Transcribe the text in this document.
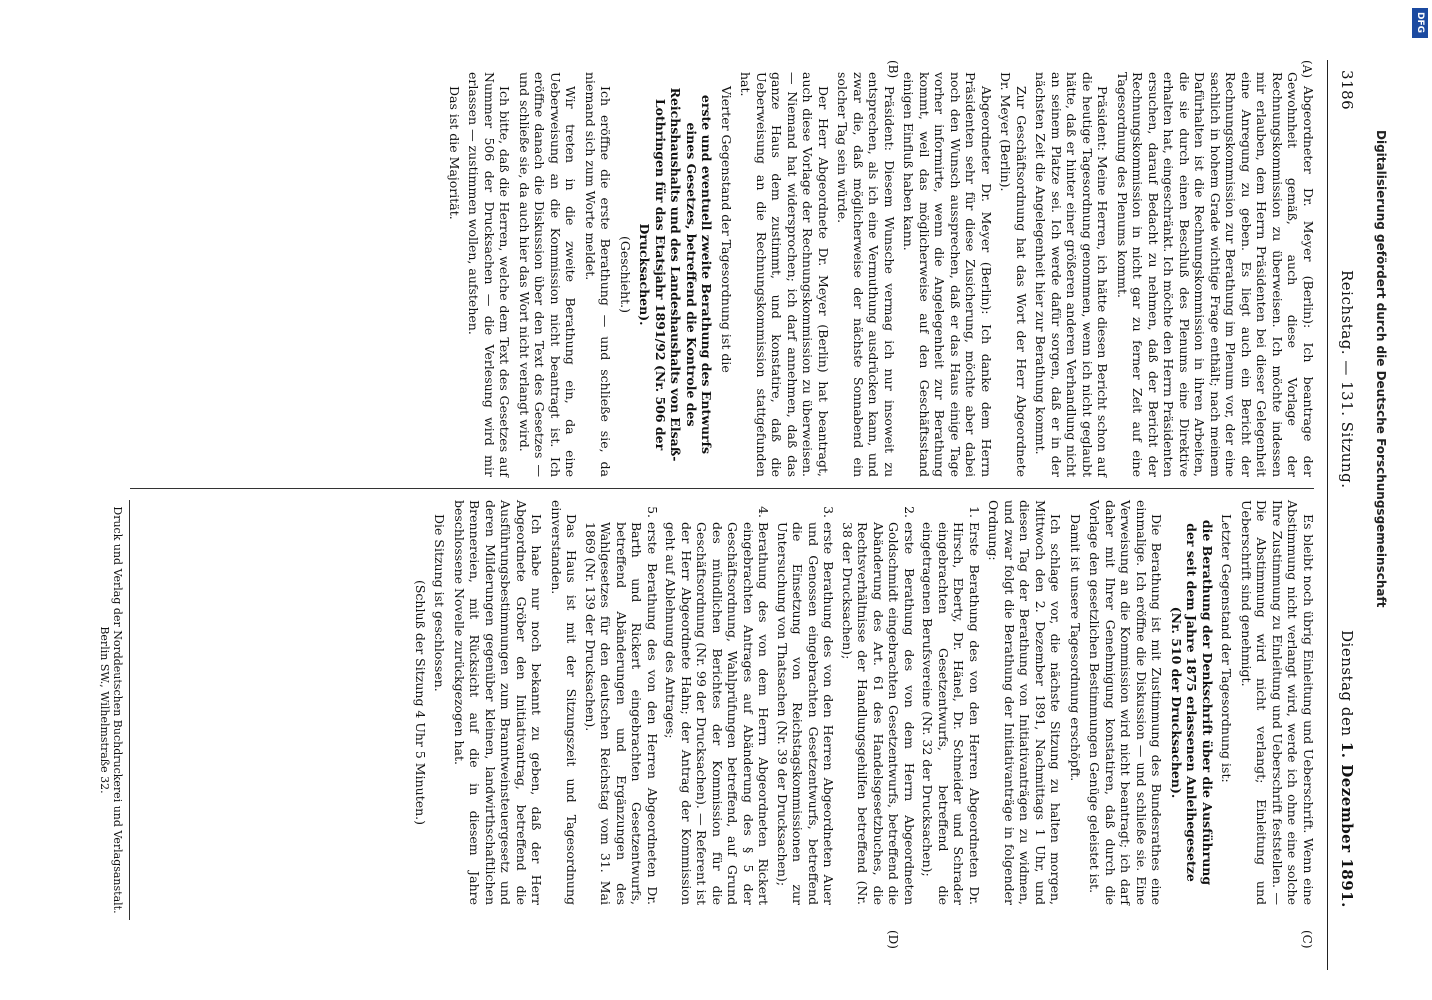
3186
Reichstag. — 131. Sitzung.
Dienstag den 1. Dezember 1891.
(A)
(B)
(C)
(D)

Abgeordneter Dr. Meyer (Berlin): Ich beantrage der Gewohnheit gemäß, auch diese Vorlage der Rechnungskommission zu überweisen. Ich möchte indessen mir erlauben, dem Herrn Präsidenten bei dieser Gelegenheit eine Anregung zu geben. Es liegt auch ein Bericht der Rechnungskommission zur Berathung im Plenum vor, der eine sachlich in hohem Grade wichtige Frage enthält; nach meinem Dafürhalten ist die Rechnungskommission in ihren Arbeiten, die sie durch einen Beschluß des Plenums eine Direktive erhalten hat, eingeschränkt. Ich möchte den Herrn Präsidenten ersuchen, darauf Bedacht zu nehmen, daß der Bericht der Rechnungskommission in nicht gar zu ferner Zeit auf eine Tagesordnung des Plenums kommt.

Präsident: Meine Herren, ich hätte diesen Bericht schon auf die heutige Tagesordnung genommen, wenn ich nicht geglaubt hätte, daß er hinter einer größeren anderen Verhandlung nicht an seinem Platze sei. Ich werde dafür sorgen, daß er in der nächsten Zeit die Angelegenheit hier zur Berathung kommt.

Zur Geschäftsordnung hat das Wort der Herr Abgeordnete Dr. Meyer (Berlin).

Abgeordneter Dr. Meyer (Berlin): Ich danke dem Herrn Präsidenten sehr für diese Zusicherung, möchte aber dabei noch den Wunsch aussprechen, daß er das Haus einige Tage vorher informirte, wenn die Angelegenheit zur Berathung kommt, weil das möglicherweise auf den Geschäftsstand einigen Einfluß haben kann.

Präsident: Diesem Wunsche vermag ich nur insoweit zu entsprechen, als ich eine Vermuthung ausdrücken kann, und zwar die, daß möglicherweise der nächste Sonnabend ein solcher Tag sein würde.

Der Herr Abgeordnete Dr. Meyer (Berlin) hat beantragt, auch diese Vorlage der Rechnungskommission zu überweisen. — Niemand hat widersprochen; ich darf annehmen, daß das ganze Haus dem zustimmt, und konstatire, daß die Ueberweisung an die Rechnungskommission stattgefunden hat.

Vierter Gegenstand der Tagesordnung ist die

erste und eventuell zweite Berathung des Entwurfs eines Gesetzes, betreffend die Kontrole des Reichshaushalts und des Landeshaushalts von Elsaß-Lothringen für das Etatsjahr 1891/92 (Nr. 506 der Drucksachen).

(Geschieht.)

Ich eröffne die erste Berathung — und schließe sie, da niemand sich zum Worte meldet.

Wir treten in die zweite Berathung ein, da eine Ueberweisung an die Kommission nicht beantragt ist. Ich eröffne danach die Diskussion über den Text des Gesetzes — und schließe sie, da auch hier das Wort nicht verlangt wird.

Ich bitte, daß die Herren, welche dem Text des Gesetzes auf Nummer 506 der Drucksachen — die Verlesung wird mir erlassen — zustimmen wollen, aufstehen.

Das ist die Majorität.

Es bleibt noch übrig Einleitung und Ueberschrift. Wenn eine Abstimmung nicht verlangt wird, werde ich ohne eine solche Ihre Zustimmung zu Einleitung und Ueberschrift feststellen. — Die Abstimmung wird nicht verlangt; Einleitung und Ueberschrift sind genehmigt.

Letzter Gegenstand der Tagesordnung ist:

die Berathung der Denkschrift über die Ausführung der seit dem Jahre 1875 erlassenen Anleihegesetze (Nr. 510 der Drucksachen).

Die Berathung ist mit Zustimmung des Bundesrathes eine einmalige. Ich eröffne die Diskussion — und schließe sie. Eine Verweisung an die Kommission wird nicht beantragt; ich darf daher mit Ihrer Genehmigung konstatiren, daß durch die Vorlage den gesetzlichen Bestimmungen Genüge geleistet ist.

Damit ist unsere Tagesordnung erschöpft.

Ich schlage vor, die nächste Sitzung zu halten morgen, Mittwoch den 2. Dezember 1891, Nachmittags 1 Uhr, und diesen Tag der Berathung von Initiativanträgen zu widmen, und zwar folgt die Berathung der Initiativanträge in folgender Ordnung:

1. Erste Berathung des von den Herren Abgeordneten Dr. Hirsch, Eberty, Dr. Hänel, Dr. Schneider und Schrader eingebrachten Gesetzentwurfs, betreffend die eingetragenen Berufsvereine (Nr. 32 der Drucksachen);
2. erste Berathung des von dem Herrn Abgeordneten Goldschmidt eingebrachten Gesetzentwurfs, betreffend die Abänderung des Art. 61 des Handelsgesetzbuches, die Rechtsverhältnisse der Handlungsgehilfen betreffend (Nr. 38 der Drucksachen);
3. erste Berathung des von den Herren Abgeordneten Auer und Genossen eingebrachten Gesetzentwurfs, betreffend die Einsetzung von Reichstagskommissionen zur Untersuchung von Thatsachen (Nr. 39 der Drucksachen);
4. Berathung des von dem Herrn Abgeordneten Rickert eingebrachten Antrages auf Abänderung des § 5 der Geschäftsordnung, Wahlprüfungen betreffend, auf Grund des mündlichen Berichtes der Kommission für die Geschäftsordnung (Nr. 99 der Drucksachen). — Referent ist der Herr Abgeordnete Hahn; der Antrag der Kommission geht auf Ablehnung des Antrages;
5. erste Berathung des von den Herren Abgeordneten Dr. Barth und Rickert eingebrachten Gesetzentwurfs, betreffend Abänderungen und Ergänzungen des Wahlgesetzes für den deutschen Reichstag vom 31. Mai 1869 (Nr. 139 der Drucksachen).

Das Haus ist mit der Sitzungszeit und Tagesordnung einverstanden.

Ich habe nur noch bekannt zu geben, daß der Herr Abgeordnete Gröber den Initiativantrag, betreffend die Ausführungsbestimmungen zum Branntweinsteuergesetz und deren Milderungen gegenüber kleinen, landwirthschaftlichen Brennereien, mit Rücksicht auf die in diesem Jahre beschlossene Novelle zurückgezogen hat.

Die Sitzung ist geschlossen.

(Schluß der Sitzung 4 Uhr 5 Minuten.)

Druck und Verlag der Norddeutschen Buchdruckerei und Verlagsanstalt. Berlin SW., Wilhelmstraße 32.
Digitalisierung gefördert durch die Deutsche Forschungsgemeinschaft
DFG
